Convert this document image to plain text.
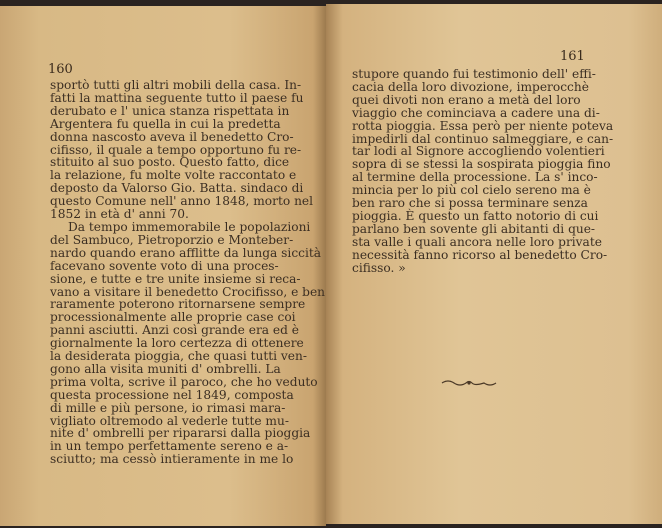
160
sportò tutti gli altri mobili della casa. In-
fatti la mattina seguente tutto il paese fu
derubato e l' unica stanza rispettata in
Argentera fu quella in cui la predetta
donna nascosto aveva il benedetto Cro-
cifisso, il quale a tempo opportuno fu re-
stituito al suo posto. Questo fatto, dice
la relazione, fu molte volte raccontato e
deposto da Valorso Gio. Batta. sindaco di
questo Comune nell' anno 1848, morto nel
1852 in età d' anni 70.
Da tempo immemorabile le popolazioni
del Sambuco, Pietroporzio e Monteber-
nardo quando erano afflitte da lunga siccità
facevano sovente voto di una proces-
sione, e tutte e tre unite insieme si reca-
vano a visitare il benedetto Crocifisso, e ben
raramente poterono ritornarsene sempre
processionalmente alle proprie case coi
panni asciutti. Anzi così grande era ed è
giornalmente la loro certezza di ottenere
la desiderata pioggia, che quasi tutti ven-
gono alla visita muniti d' ombrelli. La
prima volta, scrive il paroco, che ho veduto
questa processione nel 1849, composta
di mille e più persone, io rimasi mara-
vigliato oltremodo al vederle tutte mu-
nite d' ombrelli per ripararsi dalla pioggia
in un tempo perfettamente sereno e a-
sciutto; ma cessò intieramente in me lo
161
stupore quando fui testimonio dell' effi-
cacia della loro divozione, imperocchè
quei divoti non erano a metà del loro
viaggio che cominciava a cadere una di-
rotta pioggia. Essa però per niente poteva
impedirli dal continuo salmeggiare, e can-
tar lodi al Signore accogliendo volentieri
sopra di se stessi la sospirata pioggia fino
al termine della processione. La s' inco-
mincia per lo più col cielo sereno ma è
ben raro che si possa terminare senza
pioggia. È questo un fatto notorio di cui
parlano ben sovente gli abitanti di que-
sta valle i quali ancora nelle loro private
necessità fanno ricorso al benedetto Cro-
cifisso. »
